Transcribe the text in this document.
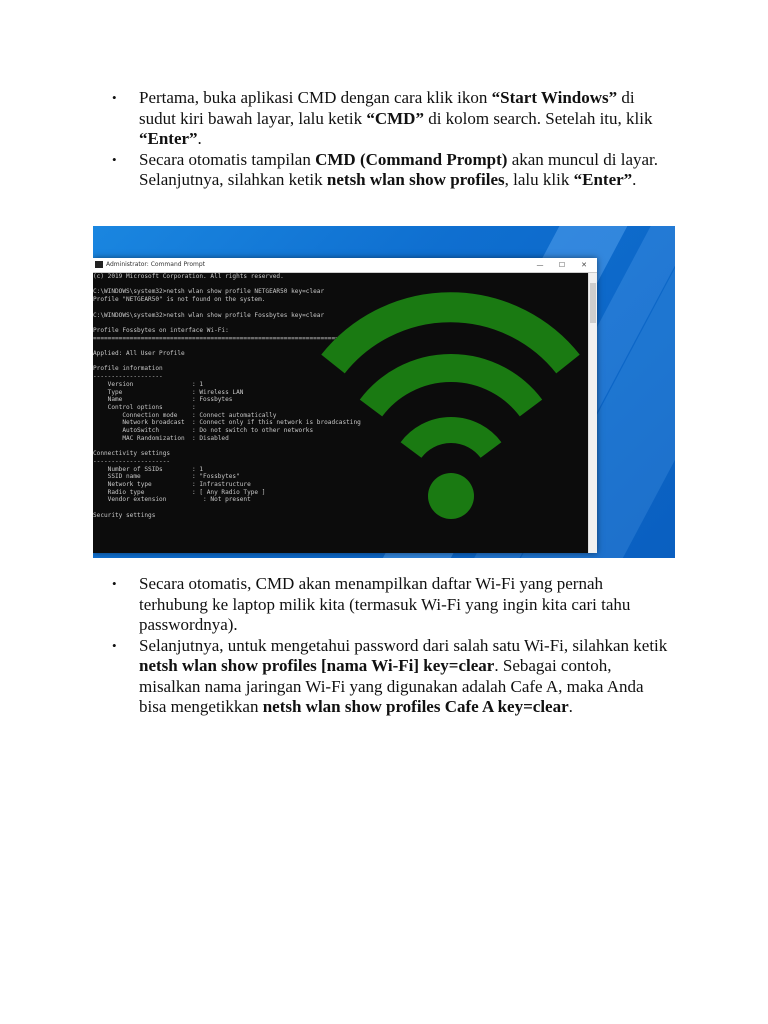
•	Pertama, buka aplikasi CMD dengan cara klik ikon “Start Windows” di sudut kiri bawah layar, lalu ketik “CMD” di kolom search. Setelah itu, klik “Enter”.
•	Secara otomatis tampilan CMD (Command Prompt) akan muncul di layar. Selanjutnya, silahkan ketik netsh wlan show profiles, lalu klik “Enter”.
Administrator: Command Prompt	—	☐	✕
(c) 2019 Microsoft Corporation. All rights reserved.

C:\WINDOWS\system32>netsh wlan show profile NETGEAR50 key=clear
Profile "NETGEAR50" is not found on the system.

C:\WINDOWS\system32>netsh wlan show profile Fossbytes key=clear

Profile Fossbytes on interface Wi-Fi:
=======================================================================

Applied: All User Profile

Profile information
-------------------
Version                : 1
Type                   : Wireless LAN
Name                   : Fossbytes
Control options        :
Connection mode    : Connect automatically
Network broadcast  : Connect only if this network is broadcasting
AutoSwitch         : Do not switch to other networks
MAC Randomization  : Disabled

Connectivity settings
---------------------
Number of SSIDs        : 1
SSID name              : "Fossbytes"
Network type           : Infrastructure
Radio type             : [ Any Radio Type ]
Vendor extension          : Not present

Security settings
•	Secara otomatis, CMD akan menampilkan daftar Wi-Fi yang pernah terhubung ke laptop milik kita (termasuk Wi-Fi yang ingin kita cari tahu passwordnya).
•	Selanjutnya, untuk mengetahui password dari salah satu Wi-Fi, silahkan ketik netsh wlan show profiles [nama Wi-Fi] key=clear. Sebagai contoh, misalkan nama jaringan Wi-Fi yang digunakan adalah Cafe A, maka Anda bisa mengetikkan netsh wlan show profiles Cafe A key=clear.
